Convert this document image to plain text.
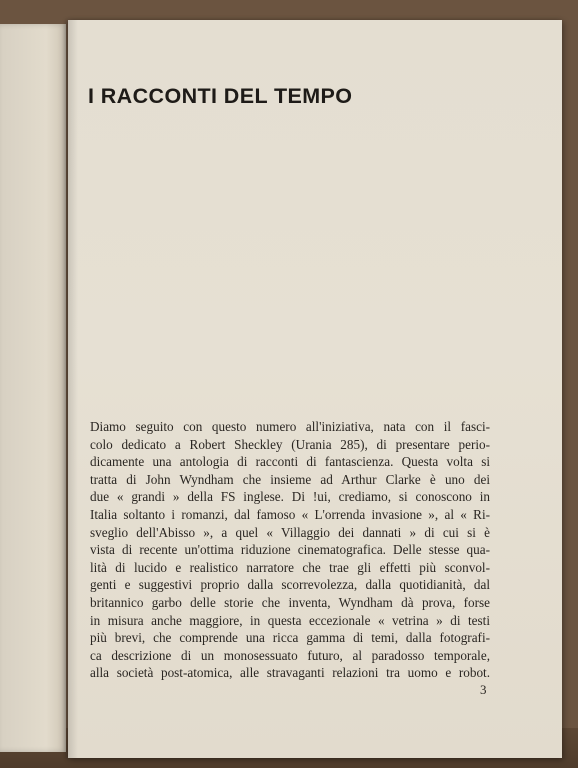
I RACCONTI DEL TEMPO

Diamo seguito con questo numero all'iniziativa, nata con il fasci-
colo dedicato a Robert Sheckley (Urania 285), di presentare perio-
dicamente una antologia di racconti di fantascienza. Questa volta si
tratta di John Wyndham che insieme ad Arthur Clarke è uno dei
due « grandi » della FS inglese. Di !ui, crediamo, si conoscono in
Italia soltanto i romanzi, dal famoso « L'orrenda invasione », al « Ri-
sveglio dell'Abisso », a quel « Villaggio dei dannati » di cui si è
vista di recente un'ottima riduzione cinematografica. Delle stesse qua-
lità di lucido e realistico narratore che trae gli effetti più sconvol-
genti e suggestivi proprio dalla scorrevolezza, dalla quotidianità, dal
britannico garbo delle storie che inventa, Wyndham dà prova, forse
in misura anche maggiore, in questa eccezionale « vetrina » di testi
più brevi, che comprende una ricca gamma di temi, dalla fotografi-
ca descrizione di un monosessuato futuro, al paradosso temporale,
alla società post-atomica, alle stravaganti relazioni tra uomo e robot.

3
